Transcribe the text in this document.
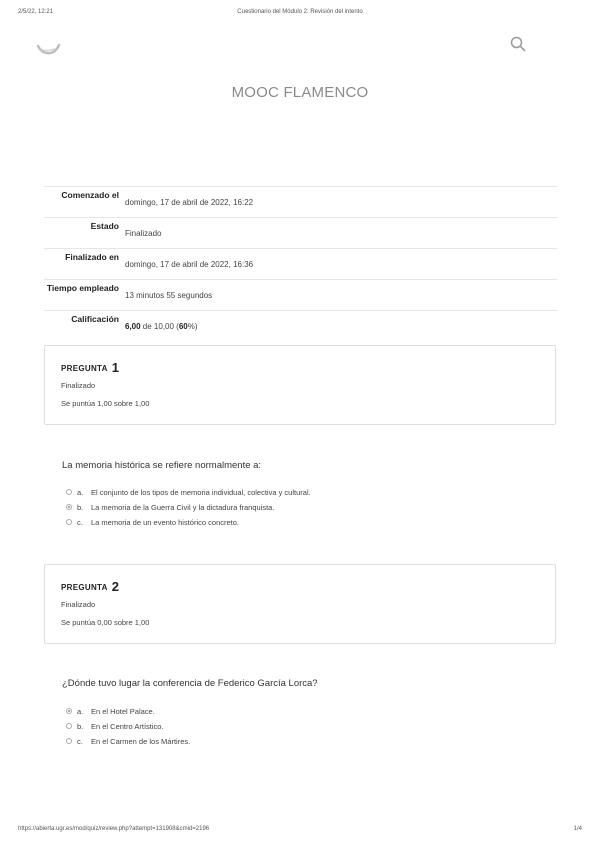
2/5/22, 12:21	Cuestionario del Módulo 2: Revisión del intento
MOOC FLAMENCO
Comenzado el
domingo, 17 de abril de 2022, 16:22
Estado
Finalizado
Finalizado en
domingo, 17 de abril de 2022, 16:36
Tiempo empleado
13 minutos 55 segundos
Calificación
6,00 de 10,00 (60%)
PREGUNTA 1
Finalizado
Se puntúa 1,00 sobre 1,00
La memoria histórica se refiere normalmente a:
a. El conjunto de los tipos de memoria individual, colectiva y cultural.
b. La memoria de la Guerra Civil y la dictadura franquista.
c. La memoria de un evento histórico concreto.
PREGUNTA 2
Finalizado
Se puntúa 0,00 sobre 1,00
¿Dónde tuvo lugar la conferencia de Federico García Lorca?
a. En el Hotel Palace.
b. En el Centro Artístico.
c. En el Carmen de los Mártires.
https://abierta.ugr.es/mod/quiz/review.php?attempt=131908&cmid=2196	1/4
